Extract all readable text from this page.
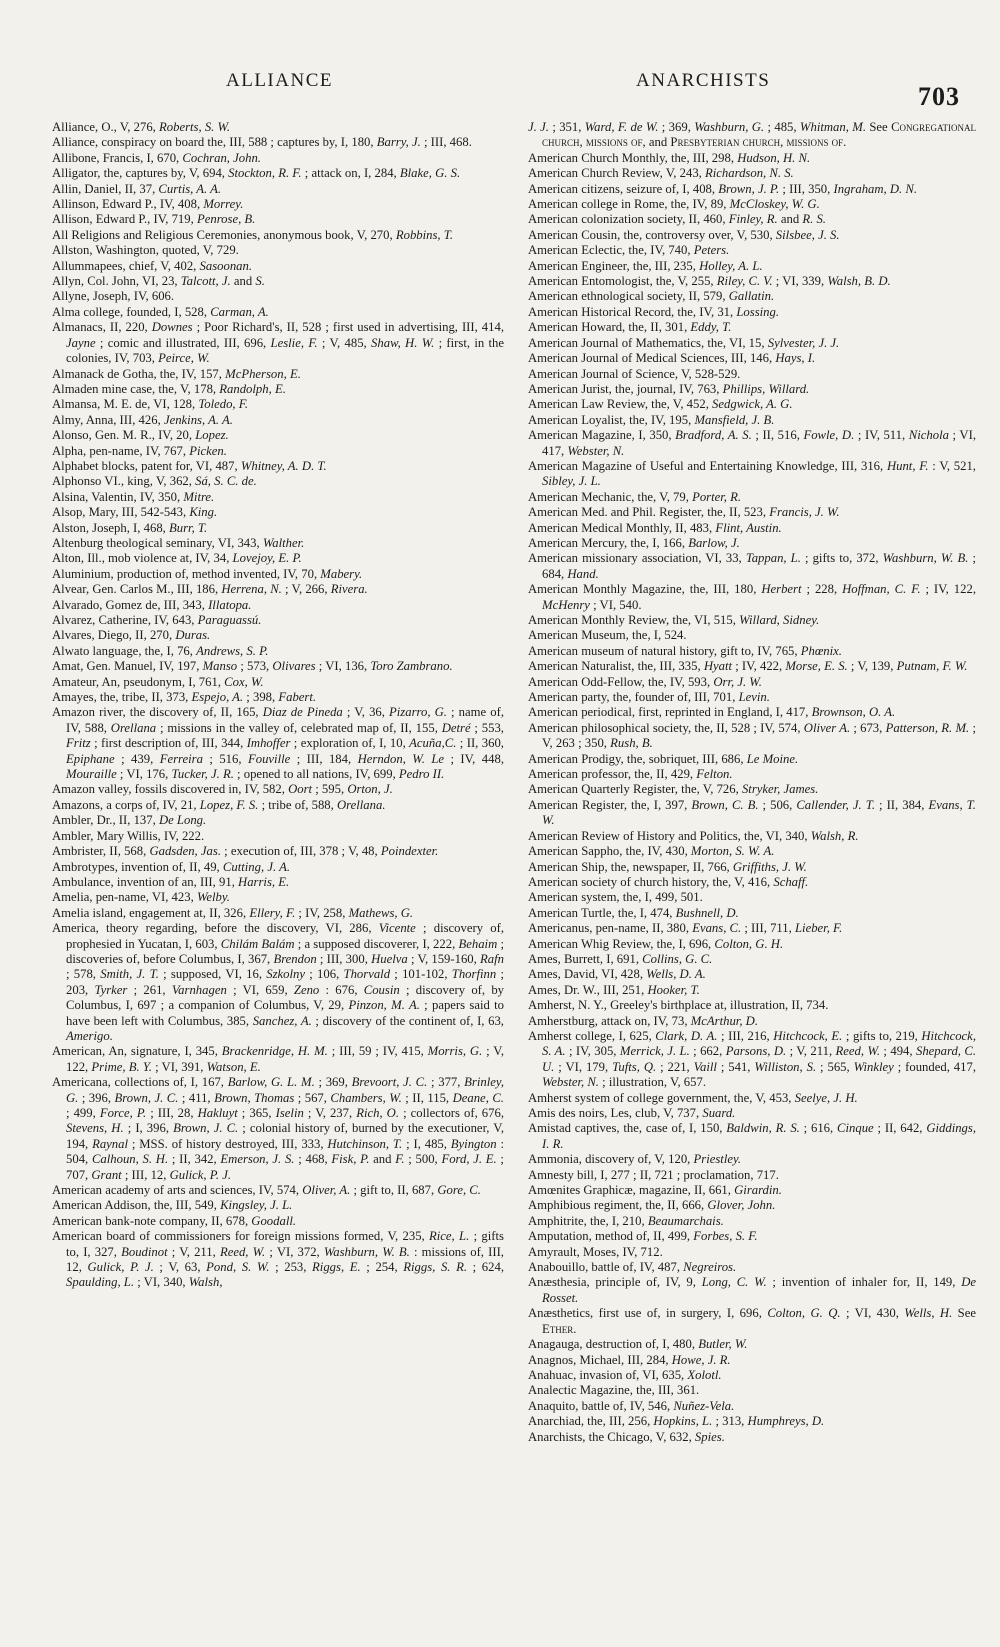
ALLIANCE	ANARCHISTS
703

Alliance, O., V, 276, Roberts, S. W.

Alliance, conspiracy on board the, III, 588 ; captures by, I, 180, Barry, J. ; III, 468.

Allibone, Francis, I, 670, Cochran, John.

Alligator, the, captures by, V, 694, Stockton, R. F. ; attack on, I, 284, Blake, G. S.

Allin, Daniel, II, 37, Curtis, A. A.

Allinson, Edward P., IV, 408, Morrey.

Allison, Edward P., IV, 719, Penrose, B.

All Religions and Religious Ceremonies, anonymous book, V, 270, Robbins, T.

Allston, Washington, quoted, V, 729.

Allummapees, chief, V, 402, Sasoonan.

Allyn, Col. John, VI, 23, Talcott, J. and S.

Allyne, Joseph, IV, 606.

Alma college, founded, I, 528, Carman, A.

Almanacs, II, 220, Downes ; Poor Richard's, II, 528 ; first used in advertising, III, 414, Jayne ; comic and illustrated, III, 696, Leslie, F. ; V, 485, Shaw, H. W. ; first, in the colonies, IV, 703, Peirce, W.

Almanack de Gotha, the, IV, 157, McPherson, E.

Almaden mine case, the, V, 178, Randolph, E.

Almansa, M. E. de, VI, 128, Toledo, F.

Almy, Anna, III, 426, Jenkins, A. A.

Alonso, Gen. M. R., IV, 20, Lopez.

Alpha, pen-name, IV, 767, Picken.

Alphabet blocks, patent for, VI, 487, Whitney, A. D. T.

Alphonso VI., king, V, 362, Sá, S. C. de.

Alsina, Valentin, IV, 350, Mitre.

Alsop, Mary, III, 542-543, King.

Alston, Joseph, I, 468, Burr, T.

Altenburg theological seminary, VI, 343, Walther.

Alton, Ill., mob violence at, IV, 34, Lovejoy, E. P.

Aluminium, production of, method invented, IV, 70, Mabery.

Alvear, Gen. Carlos M., III, 186, Herrena, N. ; V, 266, Rivera.

Alvarado, Gomez de, III, 343, Illatopa.

Alvarez, Catherine, IV, 643, Paraguassú.

Alvares, Diego, II, 270, Duras.

Alwato language, the, I, 76, Andrews, S. P.

Amat, Gen. Manuel, IV, 197, Manso ; 573, Olivares ; VI, 136, Toro Zambrano.

Amateur, An, pseudonym, I, 761, Cox, W.

Amayes, the, tribe, II, 373, Espejo, A. ; 398, Fabert.

Amazon river, the discovery of, II, 165, Diaz de Pineda ; V, 36, Pizarro, G. ; name of, IV, 588, Orellana ; missions in the valley of, celebrated map of, II, 155, Detré ; 553, Fritz ; first description of, III, 344, Imhoffer ; exploration of, I, 10, Acuña,C. ; II, 360, Epiphane ; 439, Ferreira ; 516, Fouville ; III, 184, Herndon, W. Le ; IV, 448, Mouraille ; VI, 176, Tucker, J. R. ; opened to all nations, IV, 699, Pedro II.

Amazon valley, fossils discovered in, IV, 582, Oort ; 595, Orton, J.

Amazons, a corps of, IV, 21, Lopez, F. S. ; tribe of, 588, Orellana.

Ambler, Dr., II, 137, De Long.

Ambler, Mary Willis, IV, 222.

Ambrister, II, 568, Gadsden, Jas. ; execution of, III, 378 ; V, 48, Poindexter.

Ambrotypes, invention of, II, 49, Cutting, J. A.

Ambulance, invention of an, III, 91, Harris, E.

Amelia, pen-name, VI, 423, Welby.

Amelia island, engagement at, II, 326, Ellery, F. ; IV, 258, Mathews, G.

America, theory regarding, before the discovery, VI, 286, Vicente ; discovery of, prophesied in Yucatan, I, 603, Chilám Balám ; a supposed discoverer, I, 222, Behaim ; discoveries of, before Columbus, I, 367, Brendon ; III, 300, Huelva ; V, 159-160, Rafn ; 578, Smith, J. T. ; supposed, VI, 16, Szkolny ; 106, Thorvald ; 101-102, Thorfinn ; 203, Tyrker ; 261, Varnhagen ; VI, 659, Zeno : 676, Cousin ; discovery of, by Columbus, I, 697 ; a companion of Columbus, V, 29, Pinzon, M. A. ; papers said to have been left with Columbus, 385, Sanchez, A. ; discovery of the continent of, I, 63, Amerigo.

American, An, signature, I, 345, Brackenridge, H. M. ; III, 59 ; IV, 415, Morris, G. ; V, 122, Prime, B. Y. ; VI, 391, Watson, E.

Americana, collections of, I, 167, Barlow, G. L. M. ; 369, Brevoort, J. C. ; 377, Brinley, G. ; 396, Brown, J. C. ; 411, Brown, Thomas ; 567, Chambers, W. ; II, 115, Deane, C. ; 499, Force, P. ; III, 28, Hakluyt ; 365, Iselin ; V, 237, Rich, O. ; collectors of, 676, Stevens, H. ; I, 396, Brown, J. C. ; colonial history of, burned by the executioner, V, 194, Raynal ; MSS. of history destroyed, III, 333, Hutchinson, T. ; I, 485, Byington : 504, Calhoun, S. H. ; II, 342, Emerson, J. S. ; 468, Fisk, P. and F. ; 500, Ford, J. E. ; 707, Grant ; III, 12, Gulick, P. J.

American academy of arts and sciences, IV, 574, Oliver, A. ; gift to, II, 687, Gore, C.

American Addison, the, III, 549, Kingsley, J. L.

American bank-note company, II, 678, Goodall.

American board of commissioners for foreign missions formed, V, 235, Rice, L. ; gifts to, I, 327, Boudinot ; V, 211, Reed, W. ; VI, 372, Washburn, W. B. : missions of, III, 12, Gulick, P. J. ; V, 63, Pond, S. W. ; 253, Riggs, E. ; 254, Riggs, S. R. ; 624, Spaulding, L. ; VI, 340, Walsh,

J. J. ; 351, Ward, F. de W. ; 369, Washburn, G. ; 485, Whitman, M. See Congregational church, missions of, and Presbyterian church, missions of.

American Church Monthly, the, III, 298, Hudson, H. N.

American Church Review, V, 243, Richardson, N. S.

American citizens, seizure of, I, 408, Brown, J. P. ; III, 350, Ingraham, D. N.

American college in Rome, the, IV, 89, McCloskey, W. G.

American colonization society, II, 460, Finley, R. and R. S.

American Cousin, the, controversy over, V, 530, Silsbee, J. S.

American Eclectic, the, IV, 740, Peters.

American Engineer, the, III, 235, Holley, A. L.

American Entomologist, the, V, 255, Riley, C. V. ; VI, 339, Walsh, B. D.

American ethnological society, II, 579, Gallatin.

American Historical Record, the, IV, 31, Lossing.

American Howard, the, II, 301, Eddy, T.

American Journal of Mathematics, the, VI, 15, Sylvester, J. J.

American Journal of Medical Sciences, III, 146, Hays, I.

American Journal of Science, V, 528-529.

American Jurist, the, journal, IV, 763, Phillips, Willard.

American Law Review, the, V, 452, Sedgwick, A. G.

American Loyalist, the, IV, 195, Mansfield, J. B.

American Magazine, I, 350, Bradford, A. S. ; II, 516, Fowle, D. ; IV, 511, Nichola ; VI, 417, Webster, N.

American Magazine of Useful and Entertaining Knowledge, III, 316, Hunt, F. : V, 521, Sibley, J. L.

American Mechanic, the, V, 79, Porter, R.

American Med. and Phil. Register, the, II, 523, Francis, J. W.

American Medical Monthly, II, 483, Flint, Austin.

American Mercury, the, I, 166, Barlow, J.

American missionary association, VI, 33, Tappan, L. ; gifts to, 372, Washburn, W. B. ; 684, Hand.

American Monthly Magazine, the, III, 180, Herbert ; 228, Hoffman, C. F. ; IV, 122, McHenry ; VI, 540.

American Monthly Review, the, VI, 515, Willard, Sidney.

American Museum, the, I, 524.

American museum of natural history, gift to, IV, 765, Phœnix.

American Naturalist, the, III, 335, Hyatt ; IV, 422, Morse, E. S. ; V, 139, Putnam, F. W.

American Odd-Fellow, the, IV, 593, Orr, J. W.

American party, the, founder of, III, 701, Levin.

American periodical, first, reprinted in England, I, 417, Brownson, O. A.

American philosophical society, the, II, 528 ; IV, 574, Oliver A. ; 673, Patterson, R. M. ; V, 263 ; 350, Rush, B.

American Prodigy, the, sobriquet, III, 686, Le Moine.

American professor, the, II, 429, Felton.

American Quarterly Register, the, V, 726, Stryker, James.

American Register, the, I, 397, Brown, C. B. ; 506, Callender, J. T. ; II, 384, Evans, T. W.

American Review of History and Politics, the, VI, 340, Walsh, R.

American Sappho, the, IV, 430, Morton, S. W. A.

American Ship, the, newspaper, II, 766, Griffiths, J. W.

American society of church history, the, V, 416, Schaff.

American system, the, I, 499, 501.

American Turtle, the, I, 474, Bushnell, D.

Americanus, pen-name, II, 380, Evans, C. ; III, 711, Lieber, F.

American Whig Review, the, I, 696, Colton, G. H.

Ames, Burrett, I, 691, Collins, G. C.

Ames, David, VI, 428, Wells, D. A.

Ames, Dr. W., III, 251, Hooker, T.

Amherst, N. Y., Greeley's birthplace at, illustration, II, 734.

Amherstburg, attack on, IV, 73, McArthur, D.

Amherst college, I, 625, Clark, D. A. ; III, 216, Hitchcock, E. ; gifts to, 219, Hitchcock, S. A. ; IV, 305, Merrick, J. L. ; 662, Parsons, D. ; V, 211, Reed, W. ; 494, Shepard, C. U. ; VI, 179, Tufts, Q. ; 221, Vaill ; 541, Williston, S. ; 565, Winkley ; founded, 417, Webster, N. ; illustration, V, 657.

Amherst system of college government, the, V, 453, Seelye, J. H.

Amis des noirs, Les, club, V, 737, Suard.

Amistad captives, the, case of, I, 150, Baldwin, R. S. ; 616, Cinque ; II, 642, Giddings, I. R.

Ammonia, discovery of, V, 120, Priestley.

Amnesty bill, I, 277 ; II, 721 ; proclamation, 717.

Amœnites Graphicæ, magazine, II, 661, Girardin.

Amphibious regiment, the, II, 666, Glover, John.

Amphitrite, the, I, 210, Beaumarchais.

Amputation, method of, II, 499, Forbes, S. F.

Amyrault, Moses, IV, 712.

Anabouillo, battle of, IV, 487, Negreiros.

Anæsthesia, principle of, IV, 9, Long, C. W. ; invention of inhaler for, II, 149, De Rosset.

Anæsthetics, first use of, in surgery, I, 696, Colton, G. Q. ; VI, 430, Wells, H. See Ether.

Anagauga, destruction of, I, 480, Butler, W.

Anagnos, Michael, III, 284, Howe, J. R.

Anahuac, invasion of, VI, 635, Xolotl.

Analectic Magazine, the, III, 361.

Anaquito, battle of, IV, 546, Nuñez-Vela.

Anarchiad, the, III, 256, Hopkins, L. ; 313, Humphreys, D.

Anarchists, the Chicago, V, 632, Spies.
